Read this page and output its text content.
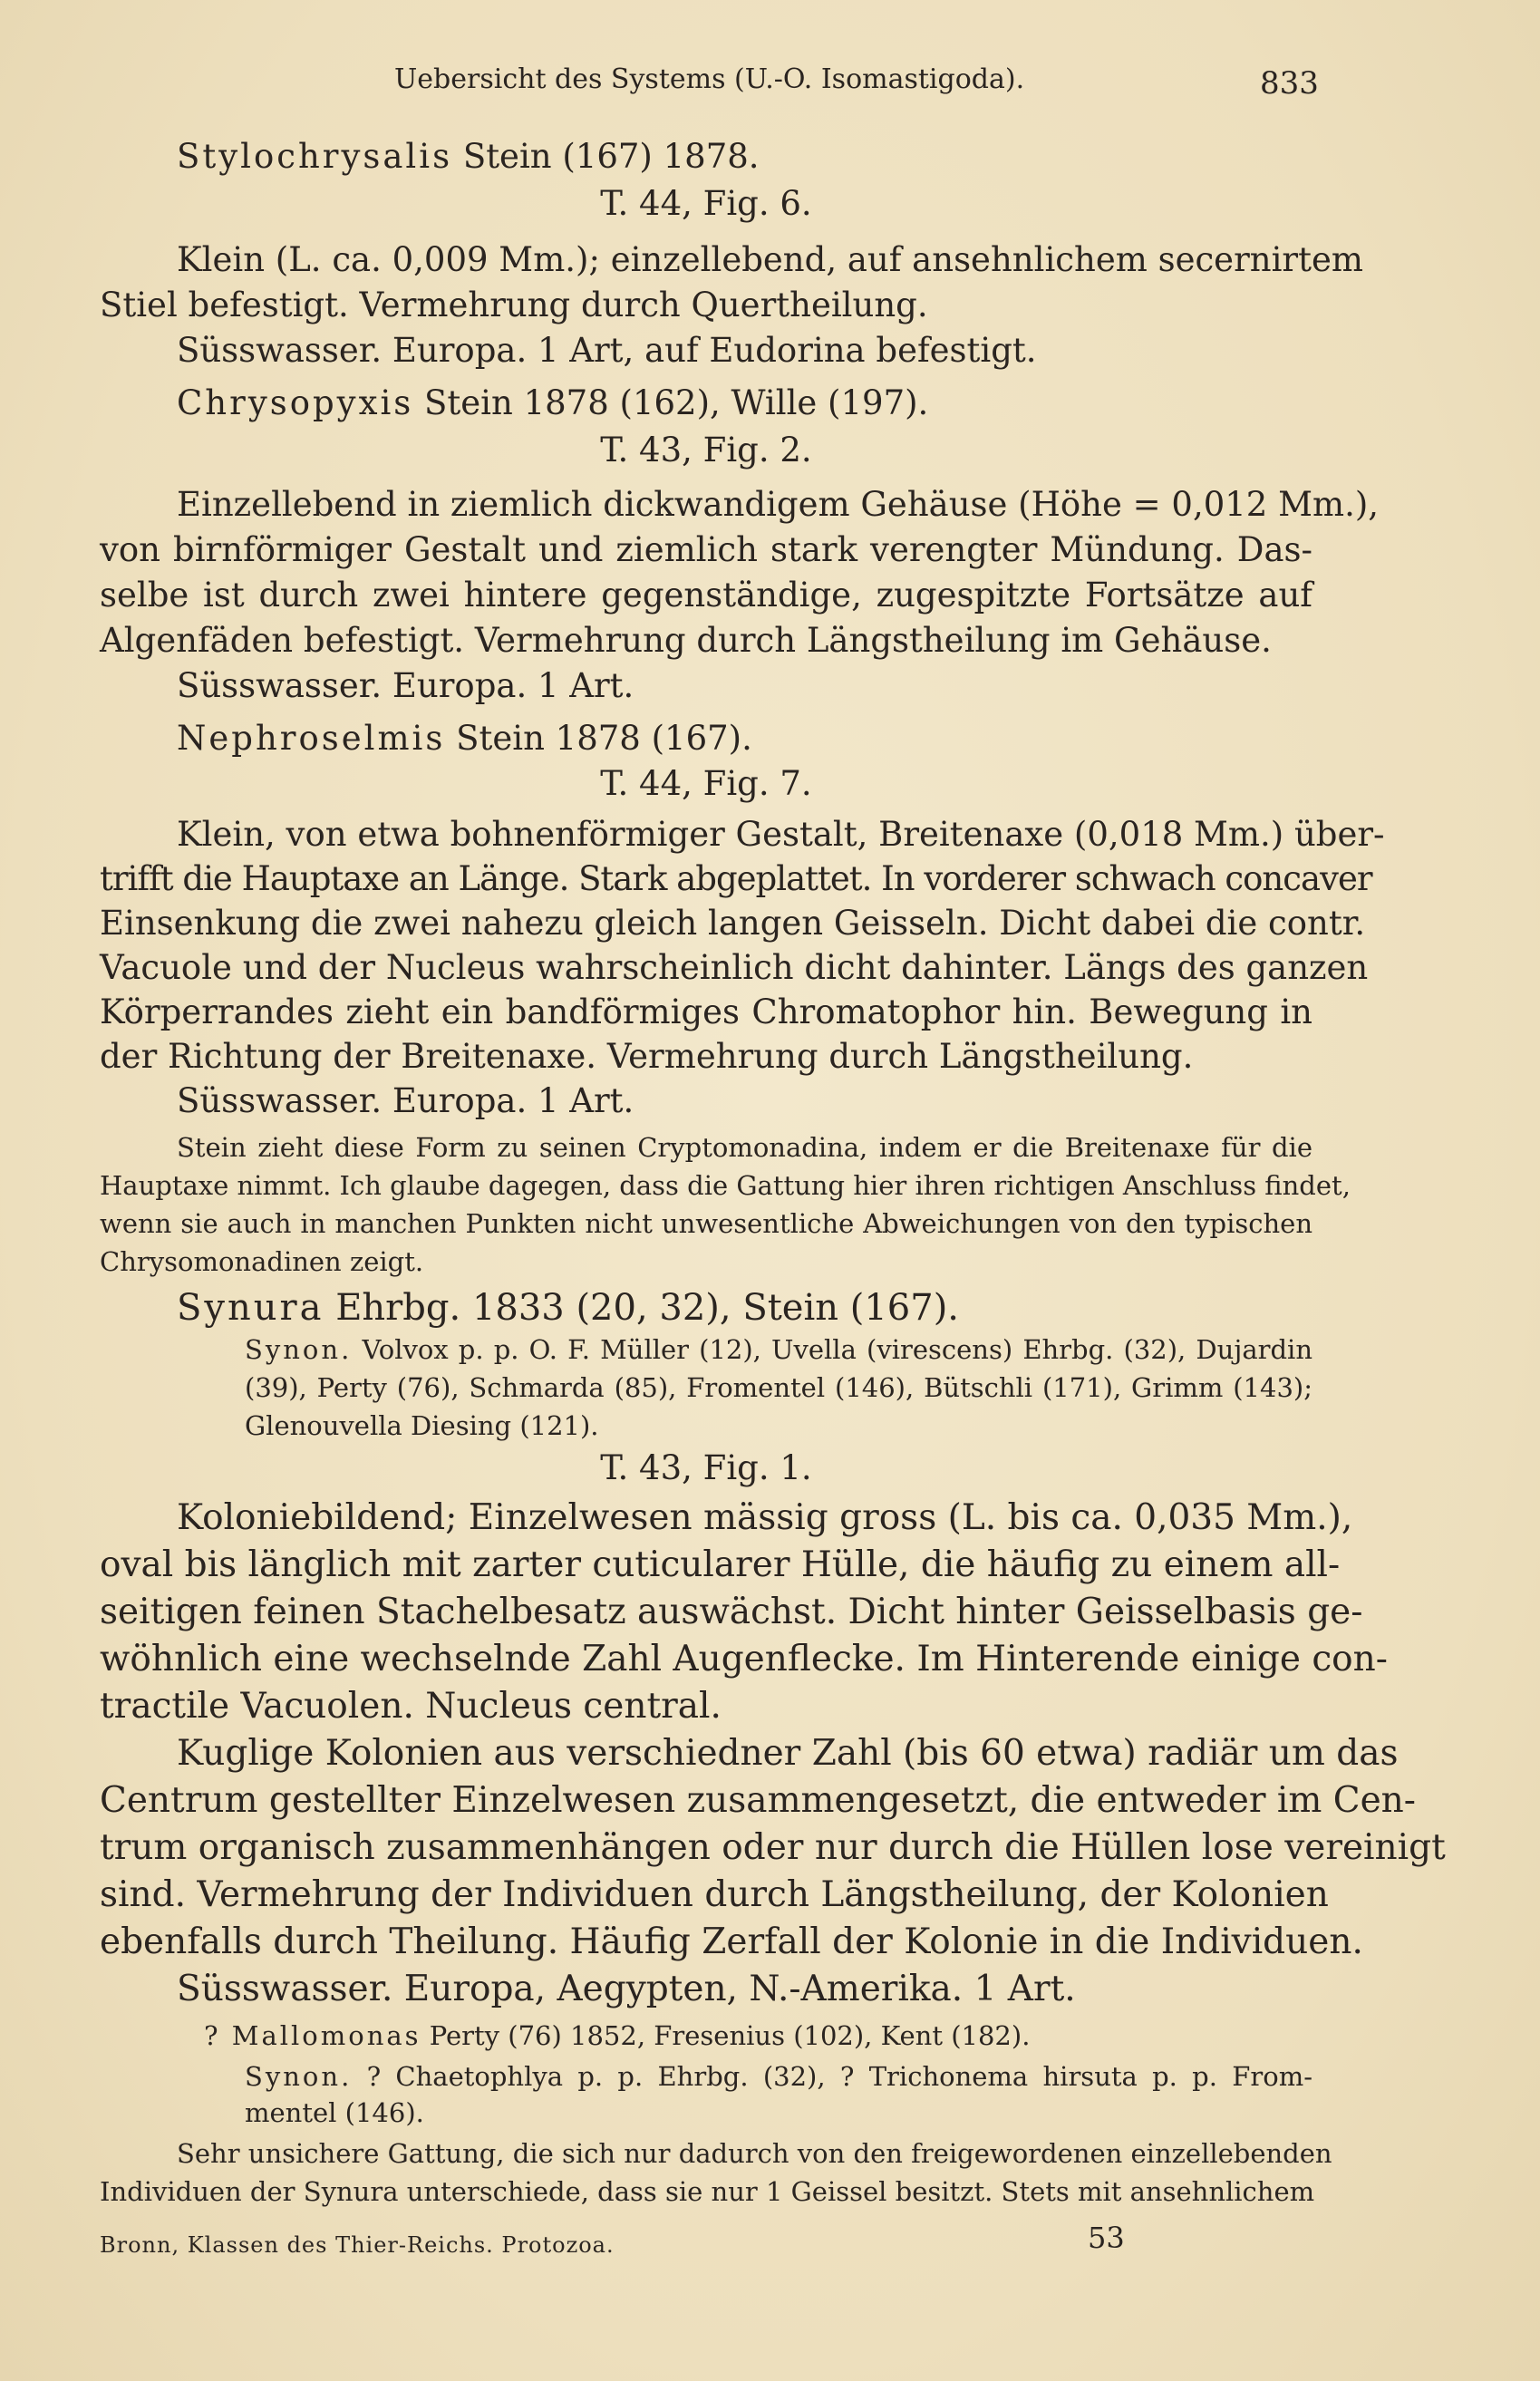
Uebersicht des Systems (U.-O. Isomastigoda).	833
Stylochrysalis Stein (167) 1878.
T. 44, Fig. 6.
Klein (L. ca. 0,009 Mm.); einzellebend, auf ansehnlichem secernirtem
Stiel befestigt. Vermehrung durch Quertheilung.
Süsswasser. Europa. 1 Art, auf Eudorina befestigt.
Chrysopyxis Stein 1878 (162), Wille (197).
T. 43, Fig. 2.
Einzellebend in ziemlich dickwandigem Gehäuse (Höhe = 0,012 Mm.),
von birnförmiger Gestalt und ziemlich stark verengter Mündung. Das-
selbe ist durch zwei hintere gegenständige, zugespitzte Fortsätze auf
Algenfäden befestigt. Vermehrung durch Längstheilung im Gehäuse.
Süsswasser. Europa. 1 Art.
Nephroselmis Stein 1878 (167).
T. 44, Fig. 7.
Klein, von etwa bohnenförmiger Gestalt, Breitenaxe (0,018 Mm.) über-
trifft die Hauptaxe an Länge. Stark abgeplattet. In vorderer schwach concaver
Einsenkung die zwei nahezu gleich langen Geisseln. Dicht dabei die contr.
Vacuole und der Nucleus wahrscheinlich dicht dahinter. Längs des ganzen
Körperrandes zieht ein bandförmiges Chromatophor hin. Bewegung in
der Richtung der Breitenaxe. Vermehrung durch Längstheilung.
Süsswasser. Europa. 1 Art.
Stein zieht diese Form zu seinen Cryptomonadina, indem er die Breitenaxe für die
Hauptaxe nimmt. Ich glaube dagegen, dass die Gattung hier ihren richtigen Anschluss findet,
wenn sie auch in manchen Punkten nicht unwesentliche Abweichungen von den typischen
Chrysomonadinen zeigt.
Synura Ehrbg. 1833 (20, 32), Stein (167).
Synon. Volvox p. p. O. F. Müller (12), Uvella (virescens) Ehrbg. (32), Dujardin
(39), Perty (76), Schmarda (85), Fromentel (146), Bütschli (171), Grimm (143);
Glenouvella Diesing (121).
T. 43, Fig. 1.
Koloniebildend; Einzelwesen mässig gross (L. bis ca. 0,035 Mm.),
oval bis länglich mit zarter cuticularer Hülle, die häufig zu einem all-
seitigen feinen Stachelbesatz auswächst. Dicht hinter Geisselbasis ge-
wöhnlich eine wechselnde Zahl Augenflecke. Im Hinterende einige con-
tractile Vacuolen. Nucleus central.
Kuglige Kolonien aus verschiedner Zahl (bis 60 etwa) radiär um das
Centrum gestellter Einzelwesen zusammengesetzt, die entweder im Cen-
trum organisch zusammenhängen oder nur durch die Hüllen lose vereinigt
sind. Vermehrung der Individuen durch Längstheilung, der Kolonien
ebenfalls durch Theilung. Häufig Zerfall der Kolonie in die Individuen.
Süsswasser. Europa, Aegypten, N.-Amerika. 1 Art.
? Mallomonas Perty (76) 1852, Fresenius (102), Kent (182).
Synon. ? Chaetophlya p. p. Ehrbg. (32), ? Trichonema hirsuta p. p. From-
mentel (146).
Sehr unsichere Gattung, die sich nur dadurch von den freigewordenen einzellebenden
Individuen der Synura unterschiede, dass sie nur 1 Geissel besitzt. Stets mit ansehnlichem
Bronn, Klassen des Thier-Reichs. Protozoa.	53
